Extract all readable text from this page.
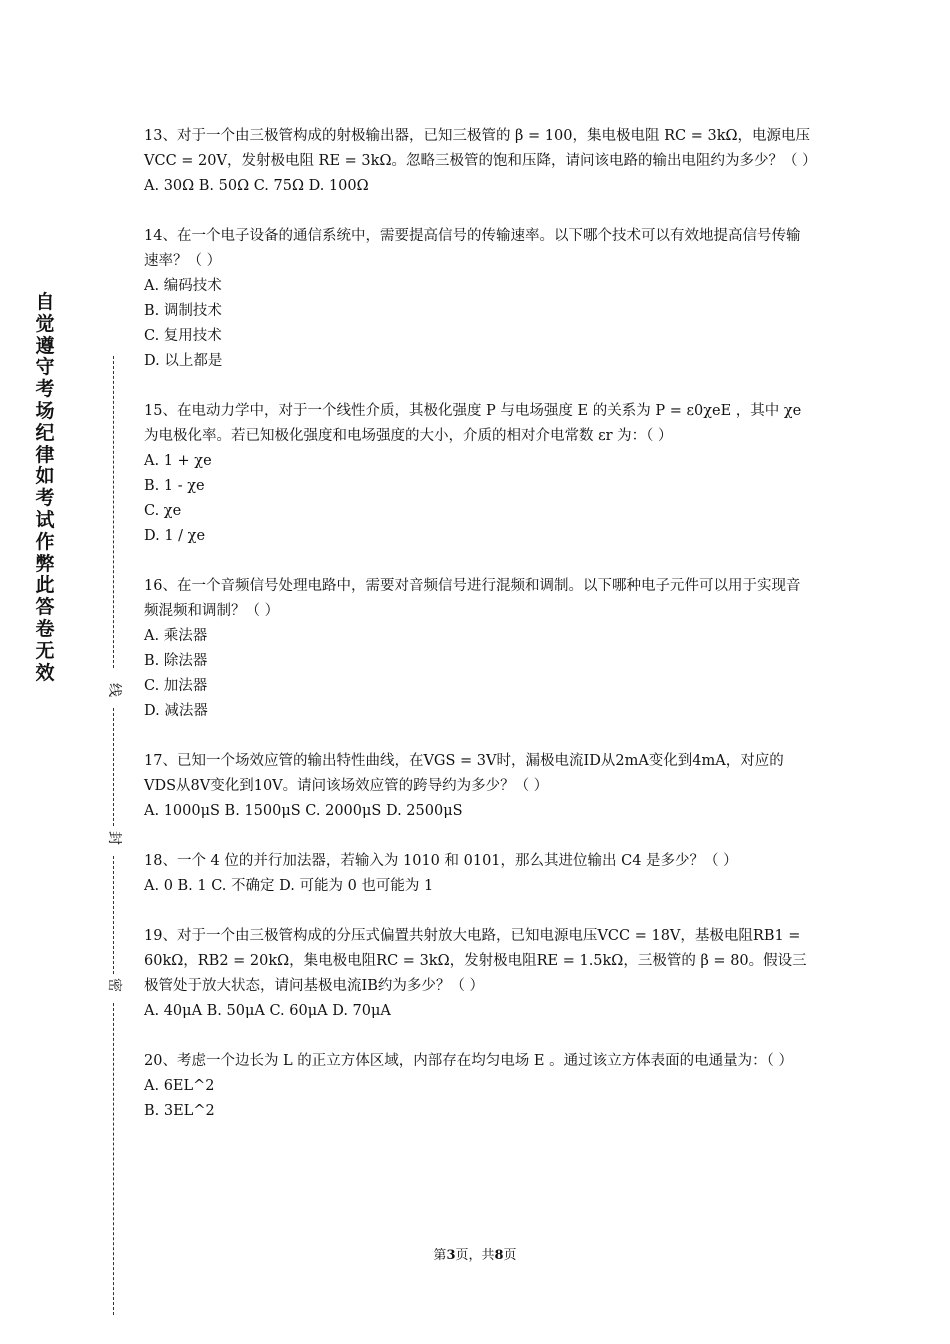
自觉遵守考场纪律如考试作弊此答卷无效
线
封
密

13、对于一个由三极管构成的射极输出器，已知三极管的 β = 100，集电极电阻 RC = 3kΩ，电源电压 VCC = 20V，发射极电阻 RE = 3kΩ。忽略三极管的饱和压降，请问该电路的输出电阻约为多少？（ ）

A. 30Ω B. 50Ω C. 75Ω D. 100Ω

14、在一个电子设备的通信系统中，需要提高信号的传输速率。以下哪个技术可以有效地提高信号传输速率？（ ）

A. 编码技术

B. 调制技术

C. 复用技术

D. 以上都是

15、在电动力学中，对于一个线性介质，其极化强度 P 与电场强度 E 的关系为 P = ε0χeE ，其中 χe 为电极化率。若已知极化强度和电场强度的大小，介质的相对介电常数 εr 为：（ ）

A. 1 + χe

B. 1 - χe

C. χe

D. 1 / χe

16、在一个音频信号处理电路中，需要对音频信号进行混频和调制。以下哪种电子元件可以用于实现音频混频和调制？（ ）

A. 乘法器

B. 除法器

C. 加法器

D. 减法器

17、已知一个场效应管的输出特性曲线，在VGS = 3V时，漏极电流ID从2mA变化到4mA，对应的VDS从8V变化到10V。请问该场效应管的跨导约为多少？（ ）

A. 1000μS B. 1500μS C. 2000μS D. 2500μS

18、一个 4 位的并行加法器，若输入为 1010 和 0101，那么其进位输出 C4 是多少？（ ）

A. 0 B. 1 C. 不确定 D. 可能为 0 也可能为 1

19、对于一个由三极管构成的分压式偏置共射放大电路，已知电源电压VCC = 18V，基极电阻RB1 = 60kΩ，RB2 = 20kΩ，集电极电阻RC = 3kΩ，发射极电阻RE = 1.5kΩ，三极管的 β = 80。假设三极管处于放大状态，请问基极电流IB约为多少？（ ）

A. 40μA B. 50μA C. 60μA D. 70μA

20、考虑一个边长为 L 的正立方体区域，内部存在均匀电场 E 。通过该立方体表面的电通量为：（ ）

A. 6EL^2

B. 3EL^2

第3页，共8页
